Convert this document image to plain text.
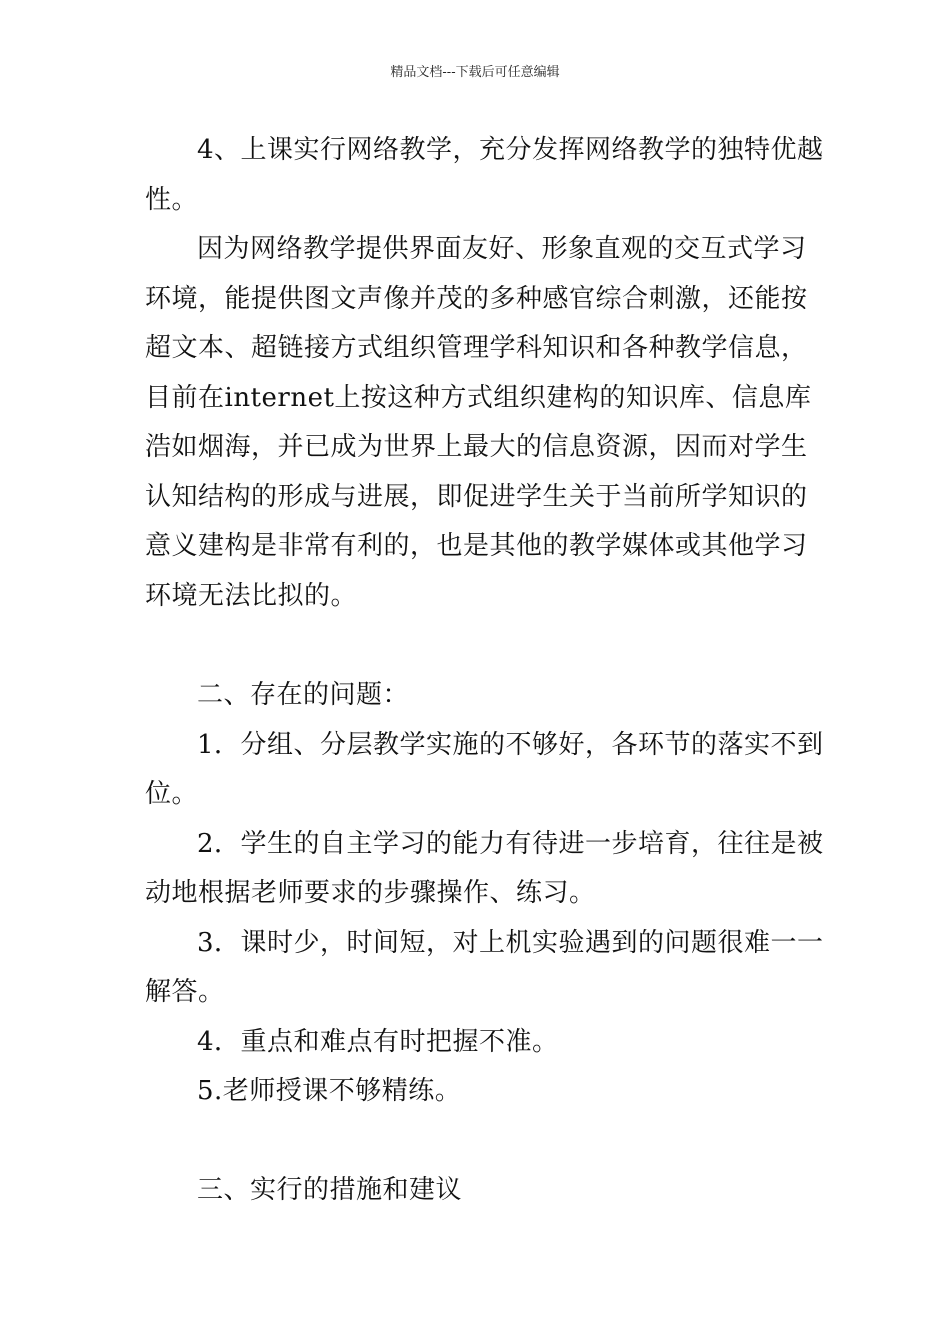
精品文档---下载后可任意编辑
4、上课实行网络教学，充分发挥网络教学的独特优越
性。
因为网络教学提供界面友好、形象直观的交互式学习
环境，能提供图文声像并茂的多种感官综合刺激，还能按
超文本、超链接方式组织管理学科知识和各种教学信息，
目前在internet上按这种方式组织建构的知识库、信息库
浩如烟海，并已成为世界上最大的信息资源，因而对学生
认知结构的形成与进展，即促进学生关于当前所学知识的
意义建构是非常有利的，也是其他的教学媒体或其他学习
环境无法比拟的。
二、存在的问题：
1．分组、分层教学实施的不够好，各环节的落实不到
位。
2．学生的自主学习的能力有待进一步培育，往往是被
动地根据老师要求的步骤操作、练习。
3．课时少，时间短，对上机实验遇到的问题很难一一
解答。
4．重点和难点有时把握不准。
5.老师授课不够精练。
三、实行的措施和建议
